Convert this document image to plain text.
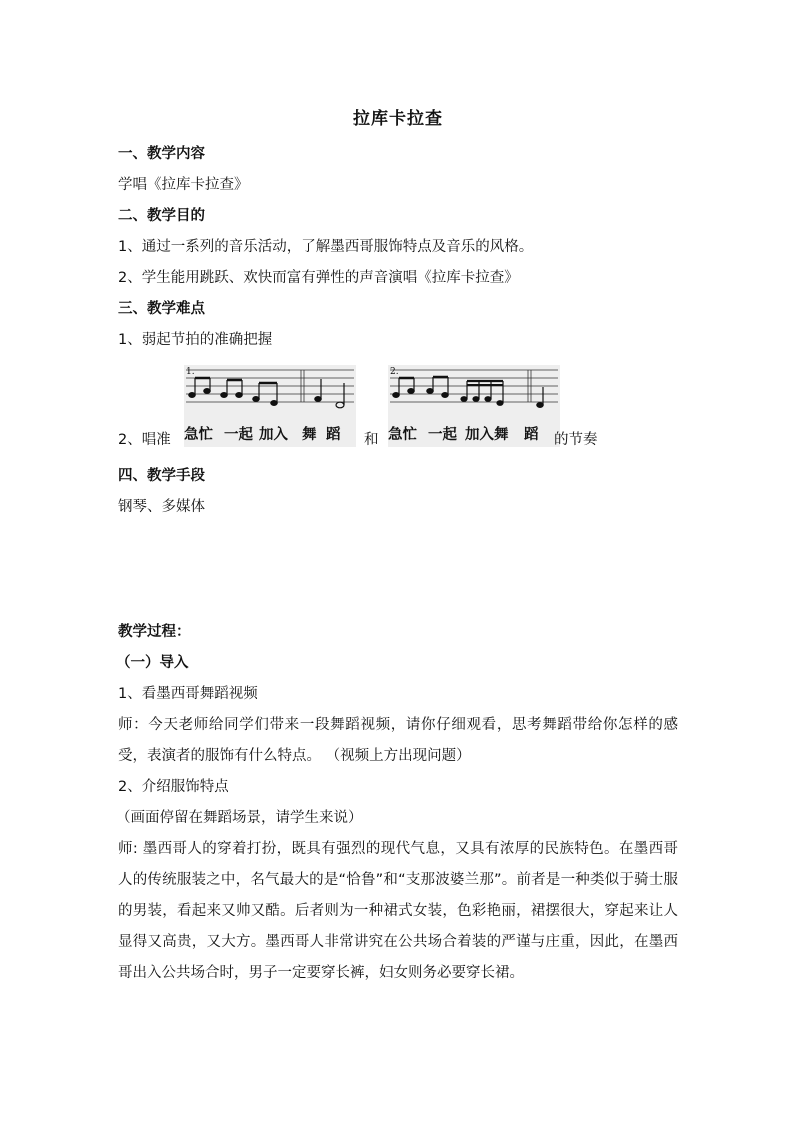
拉库卡拉查
一、教学内容
学唱《拉库卡拉查》
二、教学目的
1、通过一系列的音乐活动，了解墨西哥服饰特点及音乐的风格。
2、学生能用跳跃、欢快而富有弹性的声音演唱《拉库卡拉查》
三、教学难点
1、弱起节拍的准确把握
2、唱准
1.
急忙 一起 加入 舞 蹈 和
2.
急忙 一起 加入舞 蹈 的节奏
四、教学手段
钢琴、多媒体
教学过程：
（一）导入
1、看墨西哥舞蹈视频
师：今天老师给同学们带来一段舞蹈视频，请你仔细观看，思考舞蹈带给你怎样的感受，表演者的服饰有什么特点。 （视频上方出现问题）
2、介绍服饰特点
（画面停留在舞蹈场景，请学生来说）
师: 墨西哥人的穿着打扮，既具有强烈的现代气息，又具有浓厚的民族特色。在墨西哥人的传统服装之中，名气最大的是“恰鲁”和“支那波婆兰那”。前者是一种类似于骑士服的男装，看起来又帅又酷。后者则为一种裙式女装，色彩艳丽，裙摆很大，穿起来让人显得又高贵，又大方。墨西哥人非常讲究在公共场合着装的严谨与庄重，因此，在墨西哥出入公共场合时，男子一定要穿长裤，妇女则务必要穿长裙。
